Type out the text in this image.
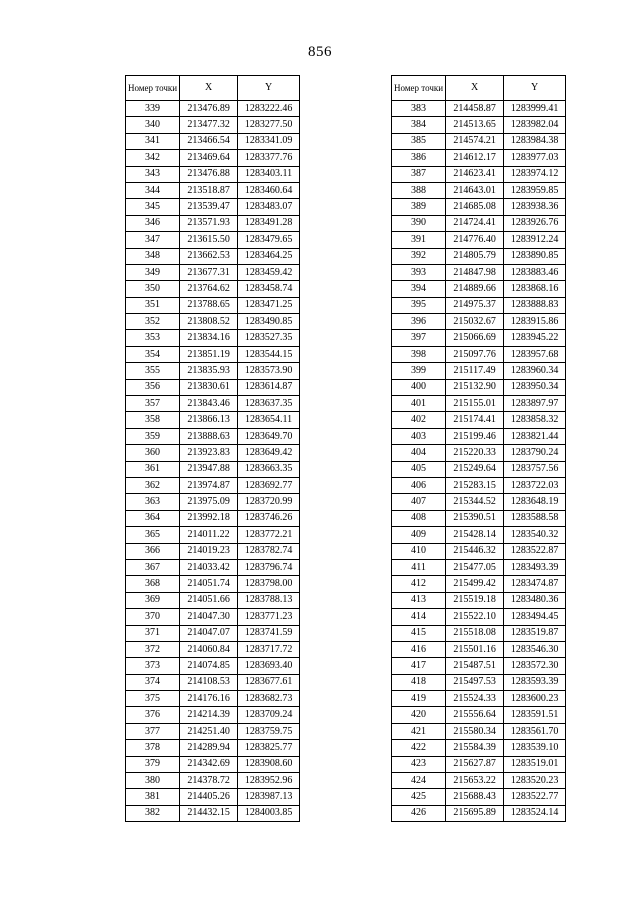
856
Номер точки	X	Y
339	213476.89	1283222.46
340	213477.32	1283277.50
341	213466.54	1283341.09
342	213469.64	1283377.76
343	213476.88	1283403.11
344	213518.87	1283460.64
345	213539.47	1283483.07
346	213571.93	1283491.28
347	213615.50	1283479.65
348	213662.53	1283464.25
349	213677.31	1283459.42
350	213764.62	1283458.74
351	213788.65	1283471.25
352	213808.52	1283490.85
353	213834.16	1283527.35
354	213851.19	1283544.15
355	213835.93	1283573.90
356	213830.61	1283614.87
357	213843.46	1283637.35
358	213866.13	1283654.11
359	213888.63	1283649.70
360	213923.83	1283649.42
361	213947.88	1283663.35
362	213974.87	1283692.77
363	213975.09	1283720.99
364	213992.18	1283746.26
365	214011.22	1283772.21
366	214019.23	1283782.74
367	214033.42	1283796.74
368	214051.74	1283798.00
369	214051.66	1283788.13
370	214047.30	1283771.23
371	214047.07	1283741.59
372	214060.84	1283717.72
373	214074.85	1283693.40
374	214108.53	1283677.61
375	214176.16	1283682.73
376	214214.39	1283709.24
377	214251.40	1283759.75
378	214289.94	1283825.77
379	214342.69	1283908.60
380	214378.72	1283952.96
381	214405.26	1283987.13
382	214432.15	1284003.85
Номер точки	X	Y
383	214458.87	1283999.41
384	214513.65	1283982.04
385	214574.21	1283984.38
386	214612.17	1283977.03
387	214623.41	1283974.12
388	214643.01	1283959.85
389	214685.08	1283938.36
390	214724.41	1283926.76
391	214776.40	1283912.24
392	214805.79	1283890.85
393	214847.98	1283883.46
394	214889.66	1283868.16
395	214975.37	1283888.83
396	215032.67	1283915.86
397	215066.69	1283945.22
398	215097.76	1283957.68
399	215117.49	1283960.34
400	215132.90	1283950.34
401	215155.01	1283897.97
402	215174.41	1283858.32
403	215199.46	1283821.44
404	215220.33	1283790.24
405	215249.64	1283757.56
406	215283.15	1283722.03
407	215344.52	1283648.19
408	215390.51	1283588.58
409	215428.14	1283540.32
410	215446.32	1283522.87
411	215477.05	1283493.39
412	215499.42	1283474.87
413	215519.18	1283480.36
414	215522.10	1283494.45
415	215518.08	1283519.87
416	215501.16	1283546.30
417	215487.51	1283572.30
418	215497.53	1283593.39
419	215524.33	1283600.23
420	215556.64	1283591.51
421	215580.34	1283561.70
422	215584.39	1283539.10
423	215627.87	1283519.01
424	215653.22	1283520.23
425	215688.43	1283522.77
426	215695.89	1283524.14
